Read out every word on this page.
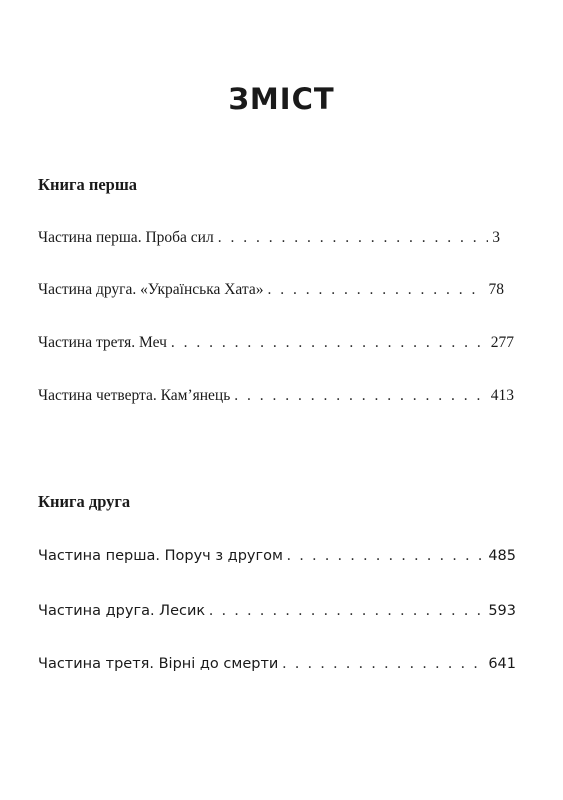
ЗМІСТ
Книга перша
Частина перша. Проба сил . . .	3
Частина друга. «Українська Хата» . . .	78
Частина третя. Меч . . .	277
Частина четверта. Кам’янець . . .	413
Книга друга
Частина перша. Поруч з другом . . .	485
Частина друга. Лесик . . .	593
Частина третя. Вірні до смерти . . .	641
